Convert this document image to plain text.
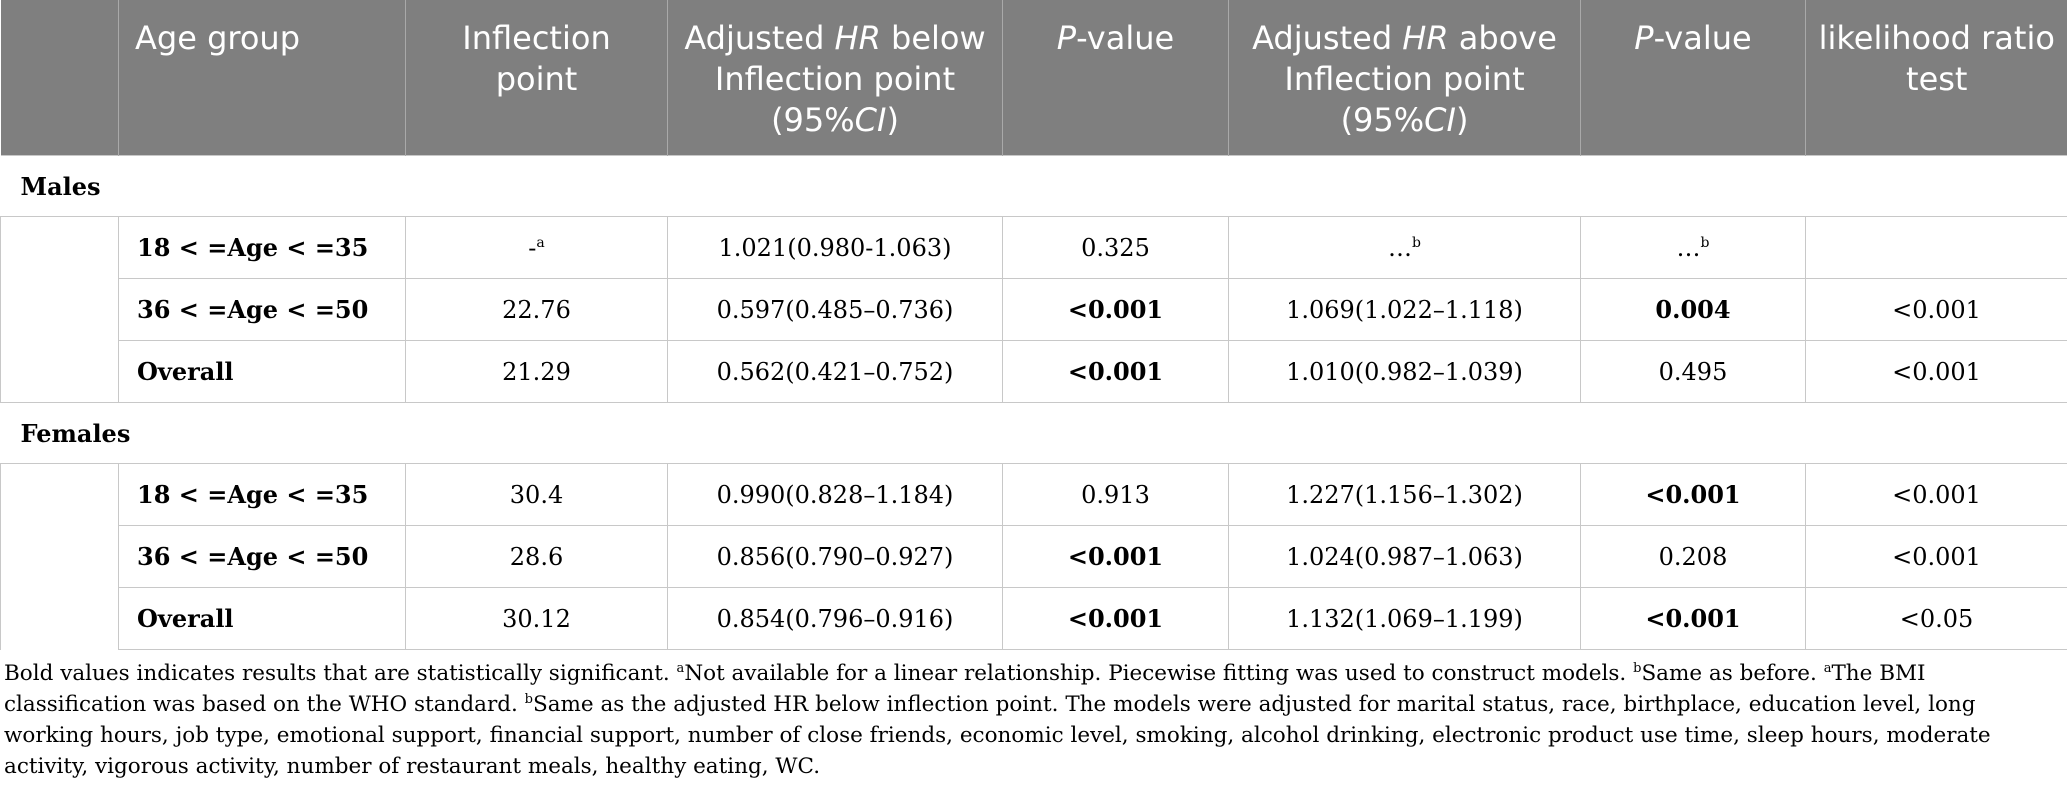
	Age group	Inflection point	Adjusted HR below Inflection point (95%CI)	P-value	Adjusted HR above Inflection point (95%CI)	P-value	likelihood ratio test
Males							
	18 < =Age < =35	-$^a$	1.021(0.980-1.063)	0.325	…$^b$	…$^b$	
	36 < =Age < =50	22.76	0.597(0.485–0.736)	<0.001	1.069(1.022–1.118)	0.004	<0.001
	Overall	21.29	0.562(0.421–0.752)	<0.001	1.010(0.982–1.039)	0.495	<0.001
Females							
	18 < =Age < =35	30.4	0.990(0.828–1.184)	0.913	1.227(1.156–1.302)	<0.001	<0.001
	36 < =Age < =50	28.6	0.856(0.790–0.927)	<0.001	1.024(0.987–1.063)	0.208	<0.001
	Overall	30.12	0.854(0.796–0.916)	<0.001	1.132(1.069–1.199)	<0.001	<0.05
Bold values indicates results that are statistically significant. $^a$Not available for a linear relationship. Piecewise fitting was used to construct models. $^b$Same as before. $^a$The BMI classification was based on the WHO standard. $^b$Same as the adjusted HR below inflection point. The models were adjusted for marital status, race, birthplace, education level, long working hours, job type, emotional support, financial support, number of close friends, economic level, smoking, alcohol drinking, electronic product use time, sleep hours, moderate activity, vigorous activity, number of restaurant meals, healthy eating, WC.
